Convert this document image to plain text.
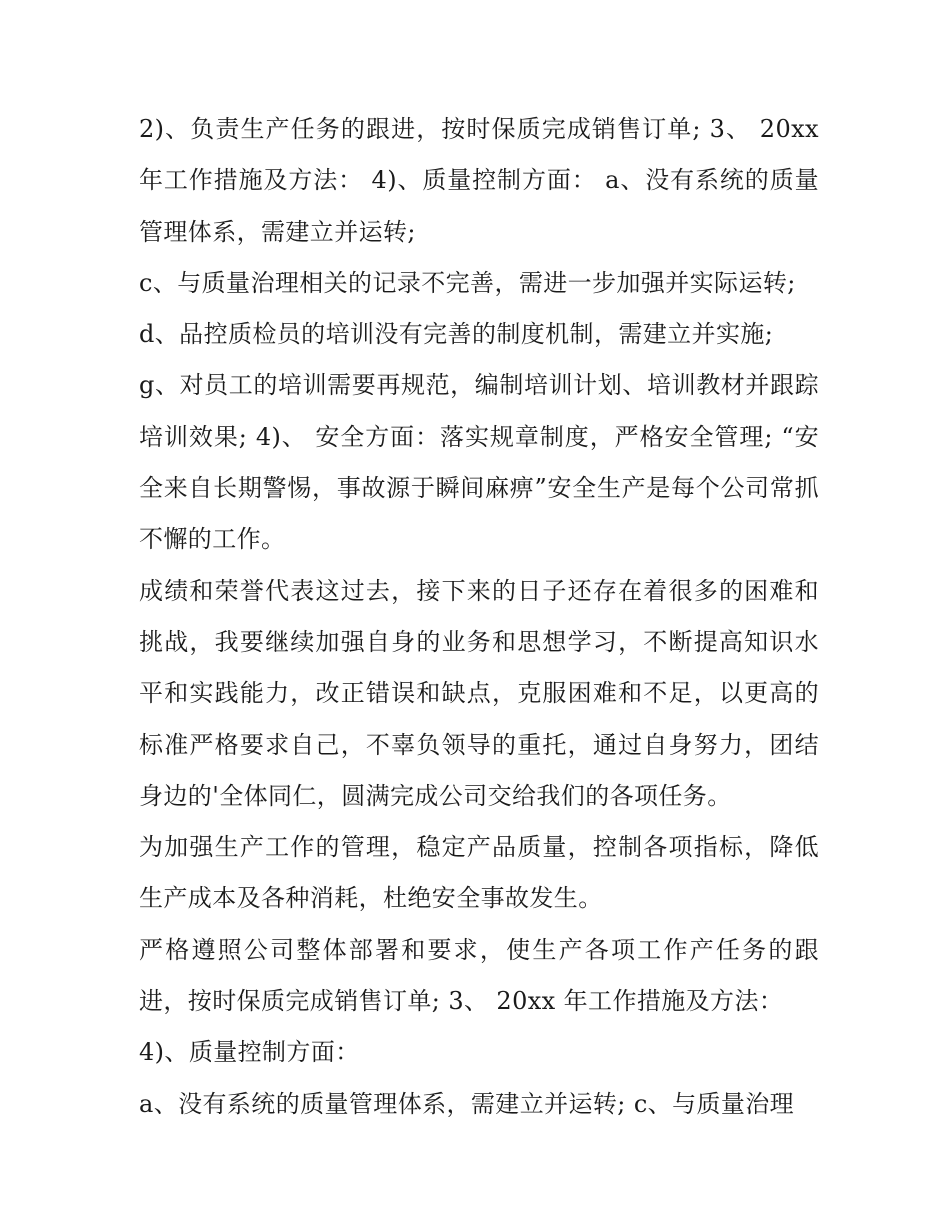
2)、负责生产任务的跟进，按时保质完成销售订单; 3、 20xx 年工作措施及方法： 4)、质量控制方面： a、没有系统的质量管理体系，需建立并运转;

c、与质量治理相关的记录不完善，需进一步加强并实际运转;

d、品控质检员的培训没有完善的制度机制，需建立并实施;

g、对员工的培训需要再规范，编制培训计划、培训教材并跟踪培训效果; 4)、 安全方面：落实规章制度，严格安全管理; “安全来自长期警惕，事故源于瞬间麻痹”安全生产是每个公司常抓不懈的工作。

成绩和荣誉代表这过去，接下来的日子还存在着很多的困难和挑战，我要继续加强自身的业务和思想学习，不断提高知识水平和实践能力，改正错误和缺点，克服困难和不足，以更高的标准严格要求自己，不辜负领导的重托，通过自身努力，团结身边的'全体同仁，圆满完成公司交给我们的各项任务。

为加强生产工作的管理，稳定产品质量，控制各项指标，降低生产成本及各种消耗，杜绝安全事故发生。

严格遵照公司整体部署和要求，使生产各项工作产任务的跟进，按时保质完成销售订单; 3、 20xx 年工作措施及方法：

4)、质量控制方面：

a、没有系统的质量管理体系，需建立并运转; c、与质量治理
